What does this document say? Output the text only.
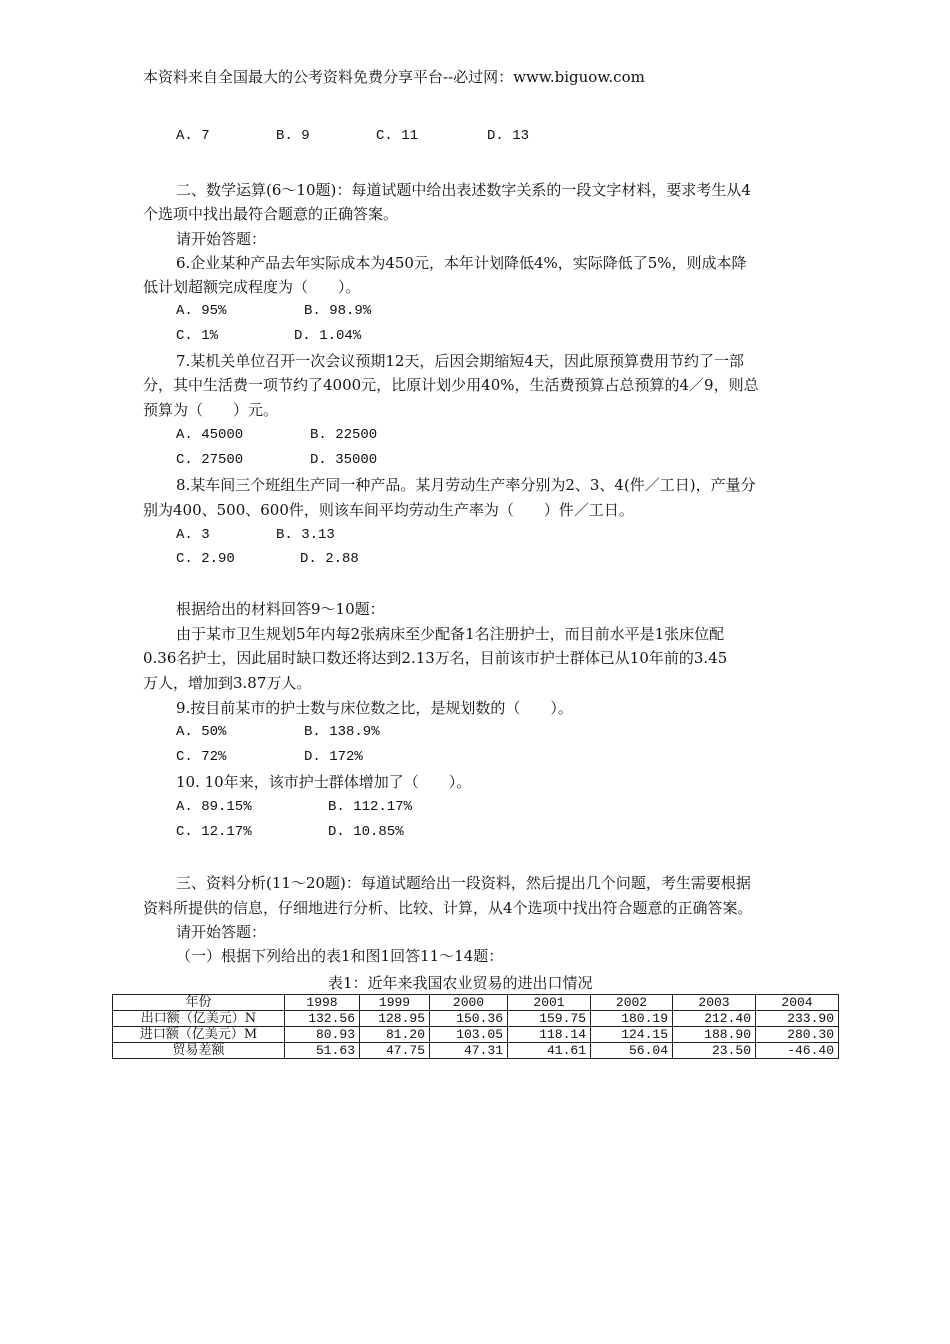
本资料来自全国最大的公考资料免费分享平台--必过网：www.biguow.com
A. 7	B. 9	C. 11	D. 13
二、数学运算(6～10题)：每道试题中给出表述数字关系的一段文字材料，要求考生从4
个选项中找出最符合题意的正确答案。
请开始答题：
6.企业某种产品去年实际成本为450元，本年计划降低4%，实际降低了5%，则成本降
低计划超额完成程度为（　　）。
A. 95%	B. 98.9%
C. 1%	D. 1.04%
7.某机关单位召开一次会议预期12天，后因会期缩短4天，因此原预算费用节约了一部
分，其中生活费一项节约了4000元，比原计划少用40%，生活费预算占总预算的4／9，则总
预算为（　　）元。
A. 45000	B. 22500
C. 27500	D. 35000
8.某车间三个班组生产同一种产品。某月劳动生产率分别为2、3、4(件／工日)，产量分
别为400、500、600件，则该车间平均劳动生产率为（　　）件／工日。
A. 3	B. 3.13
C. 2.90	D. 2.88
根据给出的材料回答9～10题：
由于某市卫生规划5年内每2张病床至少配备1名注册护士，而目前水平是1张床位配
0.36名护士，因此届时缺口数还将达到2.13万名，目前该市护士群体已从10年前的3.45
万人，增加到3.87万人。
9.按目前某市的护士数与床位数之比，是规划数的（　　）。
A. 50%	B. 138.9%
C. 72%	D. 172%
10. 10年来，该市护士群体增加了（　　）。
A. 89.15%	B. 112.17%
C. 12.17%	D. 10.85%
三、资料分析(11～20题)：每道试题给出一段资料，然后提出几个问题，考生需要根据
资料所提供的信息，仔细地进行分析、比较、计算，从4个选项中找出符合题意的正确答案。
请开始答题：
（一）根据下列给出的表1和图1回答11～14题：
表1：近年来我国农业贸易的进出口情况
年份	1998	1999	2000	2001	2002	2003	2004
出口额（亿美元）N	132.56	128.95	150.36	159.75	180.19	212.40	233.90
进口额（亿美元）M	80.93	81.20	103.05	118.14	124.15	188.90	280.30
贸易差额	51.63	47.75	47.31	41.61	56.04	23.50	-46.40
